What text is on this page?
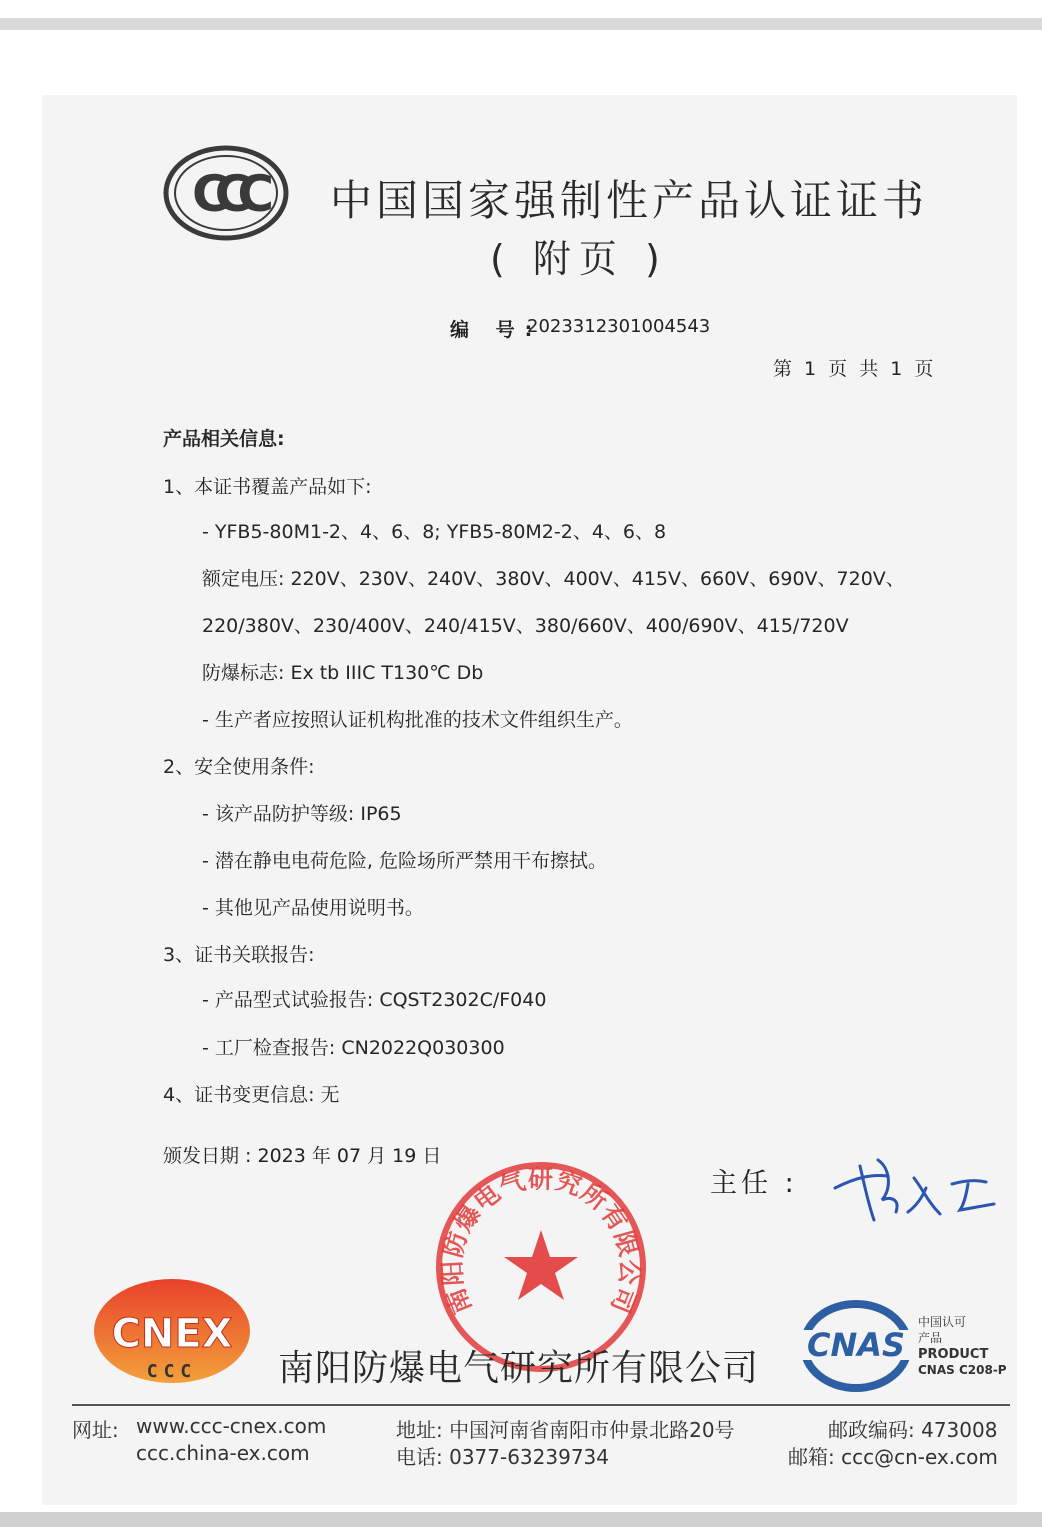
CCC 中国国家强制性产品认证证书
( 附页 )
编 号:
2023312301004543
第 1 页 共 1 页
产品相关信息:
1、本证书覆盖产品如下:
- YFB5-80M1-2、4、6、8; YFB5-80M2-2、4、6、8
额定电压: 220V、230V、240V、380V、400V、415V、660V、690V、720V、
220/380V、230/400V、240/415V、380/660V、400/690V、415/720V
防爆标志: Ex tb IIIC T130℃ Db
- 生产者应按照认证机构批准的技术文件组织生产。
2、安全使用条件:
- 该产品防护等级: IP65
- 潜在静电电荷危险, 危险场所严禁用干布擦拭。
- 其他见产品使用说明书。
3、证书关联报告:
- 产品型式试验报告: CQST2302C/F040
- 工厂检查报告: CN2022Q030300
4、证书变更信息: 无
颁发日期 : 2023 年 07 月 19 日
主任 :
南阳防爆电气研究所有限公司
CNEX
CCC 南阳防爆电气研究所有限公司
CNAS
中国认可
产品
PRODUCT
CNAS C208-P
网址: www.ccc-cnex.com
ccc.china-ex.com
地址: 中国河南省南阳市仲景北路20号
电话: 0377-63239734
邮政编码: 473008
邮箱: ccc@cn-ex.com
